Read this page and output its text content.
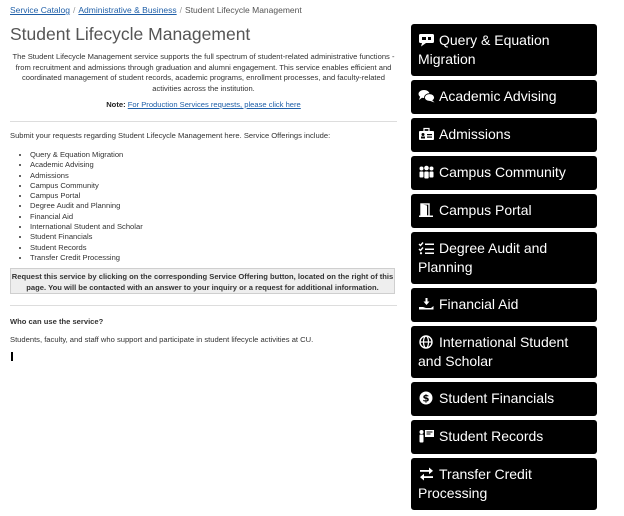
Service Catalog / Administrative & Business / Student Lifecycle Management
Student Lifecycle Management
The Student Lifecycle Management service supports the full spectrum of student-related administrative functions - from recruitment and admissions through graduation and alumni engagement. This service enables efficient and coordinated management of student records, academic programs, enrollment processes, and faculty-related activities across the institution.
Note: For Production Services requests, please click here
Submit your requests regarding Student Lifecycle Management here. Service Offerings include:
• Query & Equation Migration
• Academic Advising
• Admissions
• Campus Community
• Campus Portal
• Degree Audit and Planning
• Financial Aid
• International Student and Scholar
• Student Financials
• Student Records
• Transfer Credit Processing
Request this service by clicking on the corresponding Service Offering button, located on the right of this page. You will be contacted with an answer to your inquiry or a request for additional information.
Who can use the service?
Students, faculty, and staff who support and participate in student lifecycle activities at CU.
Query & Equation Migration
Academic Advising
Admissions
Campus Community
Campus Portal
Degree Audit and Planning
Financial Aid
International Student and Scholar
$ Student Financials
Student Records
Transfer Credit Processing
